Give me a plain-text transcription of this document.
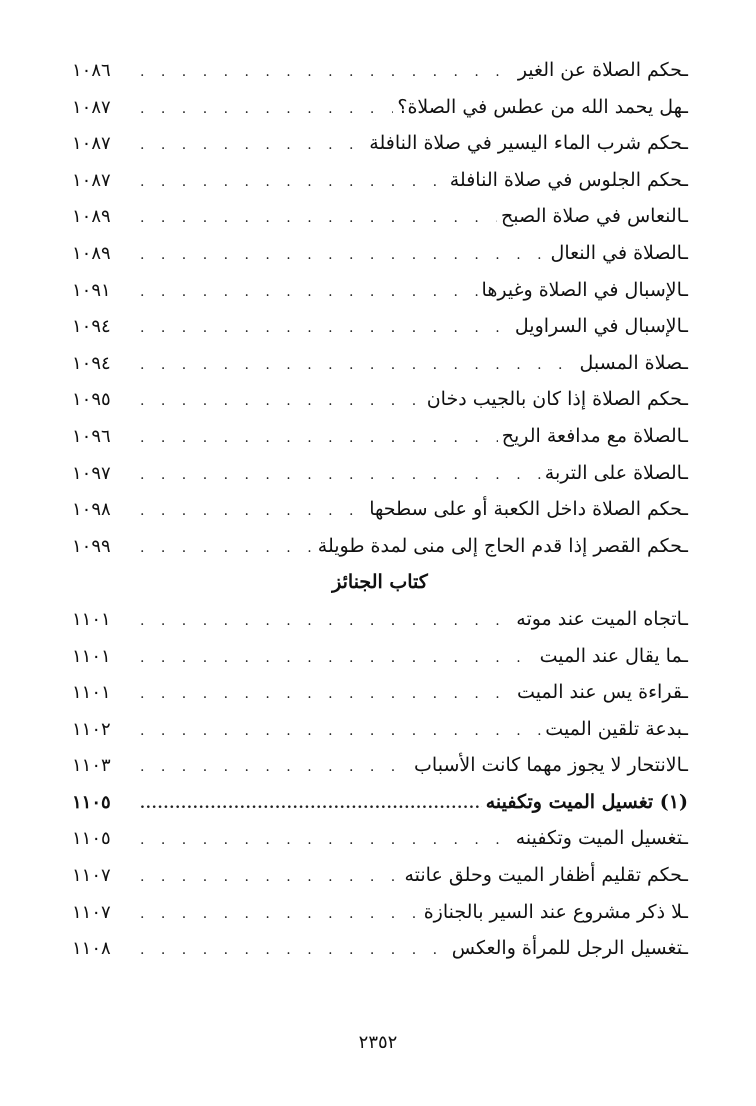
ـحكم الصلاة عن الغير
. . .
١٠٨٦
ـهل يحمد الله من عطس في الصلاة؟
. . .
١٠٨٧
ـحكم شرب الماء اليسير في صلاة النافلة
. . .
١٠٨٧
ـحكم الجلوس في صلاة النافلة
. . .
١٠٨٧
ـالنعاس في صلاة الصبح
. . .
١٠٨٩
ـالصلاة في النعال
. . .
١٠٨٩
ـالإسبال في الصلاة وغيرها
. . .
١٠٩١
ـالإسبال في السراويل
. . .
١٠٩٤
ـصلاة المسبل
. . .
١٠٩٤
ـحكم الصلاة إذا كان بالجيب دخان
. . .
١٠٩٥
ـالصلاة مع مدافعة الريح
. . .
١٠٩٦
ـالصلاة على التربة
. . .
١٠٩٧
ـحكم الصلاة داخل الكعبة أو على سطحها
. . .
١٠٩٨
ـحكم القصر إذا قدم الحاج إلى منى لمدة طويلة
. . .
١٠٩٩
كتاب الجنائز
ـاتجاه الميت عند موته
. . .
١١٠١
ـما يقال عند الميت
. . .
١١٠١
ـقراءة يس عند الميت
. . .
١١٠١
ـبدعة تلقين الميت
. . .
١١٠٢
ـالانتحار لا يجوز مهما كانت الأسباب
. . .
١١٠٣
(١) تغسيل الميت وتكفينه
.....
١١٠٥
ـتغسيل الميت وتكفينه
. . .
١١٠٥
ـحكم تقليم أظفار الميت وحلق عانته
. . .
١١٠٧
ـلا ذكر مشروع عند السير بالجنازة
. . .
١١٠٧
ـتغسيل الرجل للمرأة والعكس
. . .
١١٠٨
٢٣٥٢
